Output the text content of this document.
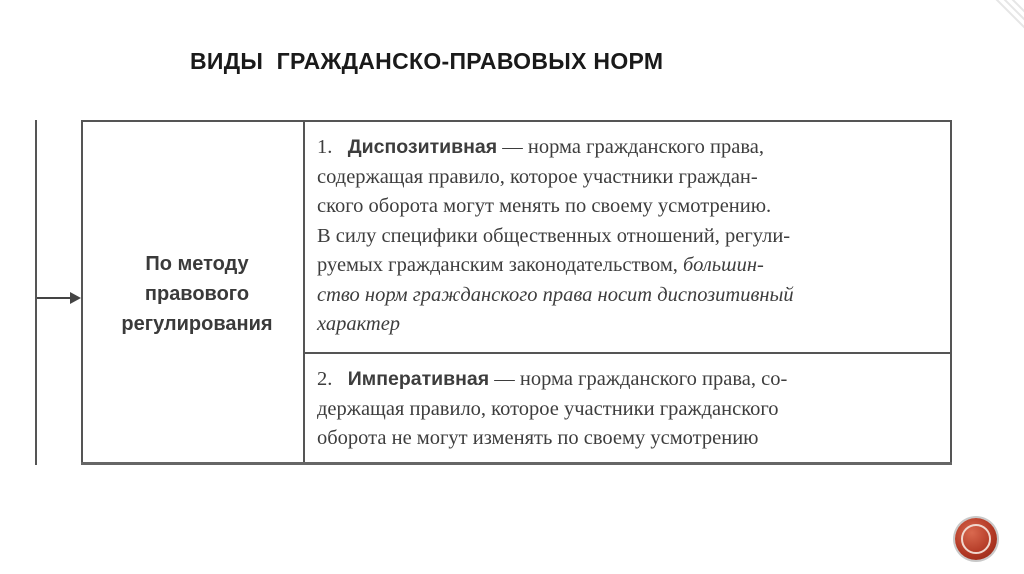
ВИДЫ  ГРАЖДАНСКО-ПРАВОВЫХ НОРМ
По методу
правового
регулирования
1. Диспозитивная — норма гражданского права,
содержащая правило, которое участники граждан-
ского оборота могут менять по своему усмотрению.
В силу специфики общественных отношений, регули-
руемых гражданским законодательством, большин-
ство норм гражданского права носит диспозитивный
характер
2. Императивная — норма гражданского права, со-
держащая правило, которое участники гражданского
оборота не могут изменять по своему усмотрению
